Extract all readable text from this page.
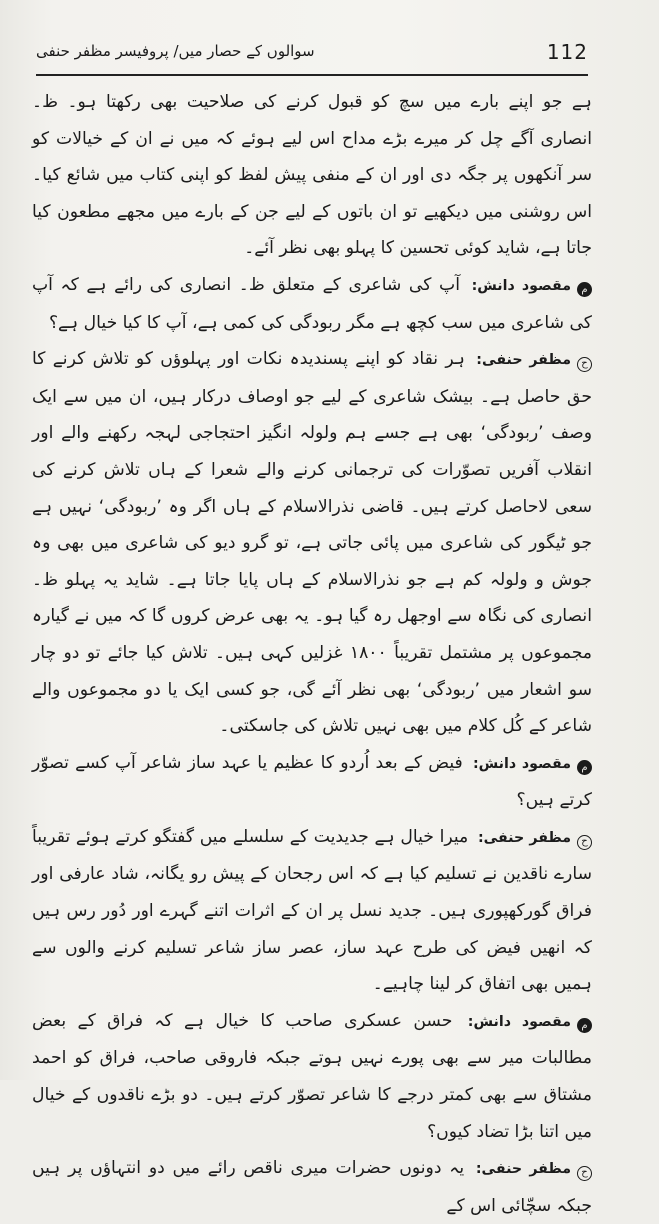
112
سوالوں کے حصار میں/ پروفیسر مظفر حنفی

ہے جو اپنے بارے میں سچ کو قبول کرنے کی صلاحیت بھی رکھتا ہو۔ ظ۔ انصاری آگے چل کر میرے بڑے مداح اس لیے ہوئے کہ میں نے ان کے خیالات کو سر آنکھوں پر جگہ دی اور ان کے منفی پیش لفظ کو اپنی کتاب میں شائع کیا۔ اس روشنی میں دیکھیے تو ان باتوں کے لیے جن کے بارے میں مجھے مطعون کیا جاتا ہے، شاید کوئی تحسین کا پہلو بھی نظر آئے۔

ممقصود دانش: آپ کی شاعری کے متعلق ظ۔ انصاری کی رائے ہے کہ آپ کی شاعری میں سب کچھ ہے مگر ربودگی کی کمی ہے، آپ کا کیا خیال ہے؟

حمظفر حنفی: ہر نقاد کو اپنے پسندیدہ نکات اور پہلوؤں کو تلاش کرنے کا حق حاصل ہے۔ بیشک شاعری کے لیے جو اوصاف درکار ہیں، ان میں سے ایک وصف ’ربودگی‘ بھی ہے جسے ہم ولولہ انگیز احتجاجی لہجہ رکھنے والے اور انقلاب آفریں تصوّرات کی ترجمانی کرنے والے شعرا کے ہاں تلاش کرنے کی سعی لاحاصل کرتے ہیں۔ قاضی نذرالاسلام کے ہاں اگر وہ ’ربودگی‘ نہیں ہے جو ٹیگور کی شاعری میں پائی جاتی ہے، تو گرو دیو کی شاعری میں بھی وہ جوش و ولولہ کم ہے جو نذرالاسلام کے ہاں پایا جاتا ہے۔ شاید یہ پہلو ظ۔ انصاری کی نگاہ سے اوجھل رہ گیا ہو۔ یہ بھی عرض کروں گا کہ میں نے گیارہ مجموعوں پر مشتمل تقریباً ۱۸۰۰ غزلیں کہی ہیں۔ تلاش کیا جائے تو دو چار سو اشعار میں ’ربودگی‘ بھی نظر آئے گی، جو کسی ایک یا دو مجموعوں والے شاعر کے کُل کلام میں بھی نہیں تلاش کی جاسکتی۔

ممقصود دانش: فیض کے بعد اُردو کا عظیم یا عہد ساز شاعر آپ کسے تصوّر کرتے ہیں؟

حمظفر حنفی: میرا خیال ہے جدیدیت کے سلسلے میں گفتگو کرتے ہوئے تقریباً سارے ناقدین نے تسلیم کیا ہے کہ اس رجحان کے پیش رو یگانہ، شاد عارفی اور فراق گورکھپوری ہیں۔ جدید نسل پر ان کے اثرات اتنے گہرے اور دُور رس ہیں کہ انھیں فیض کی طرح عہد ساز، عصر ساز شاعر تسلیم کرنے والوں سے ہمیں بھی اتفاق کر لینا چاہیے۔

ممقصود دانش: حسن عسکری صاحب کا خیال ہے کہ فراق کے بعض مطالبات میر سے بھی پورے نہیں ہوتے جبکہ فاروقی صاحب، فراق کو احمد مشتاق سے بھی کمتر درجے کا شاعر تصوّر کرتے ہیں۔ دو بڑے ناقدوں کے خیال میں اتنا بڑا تضاد کیوں؟

حمظفر حنفی: یہ دونوں حضرات میری ناقص رائے میں دو انتہاؤں پر ہیں جبکہ سچّائی اس کے
